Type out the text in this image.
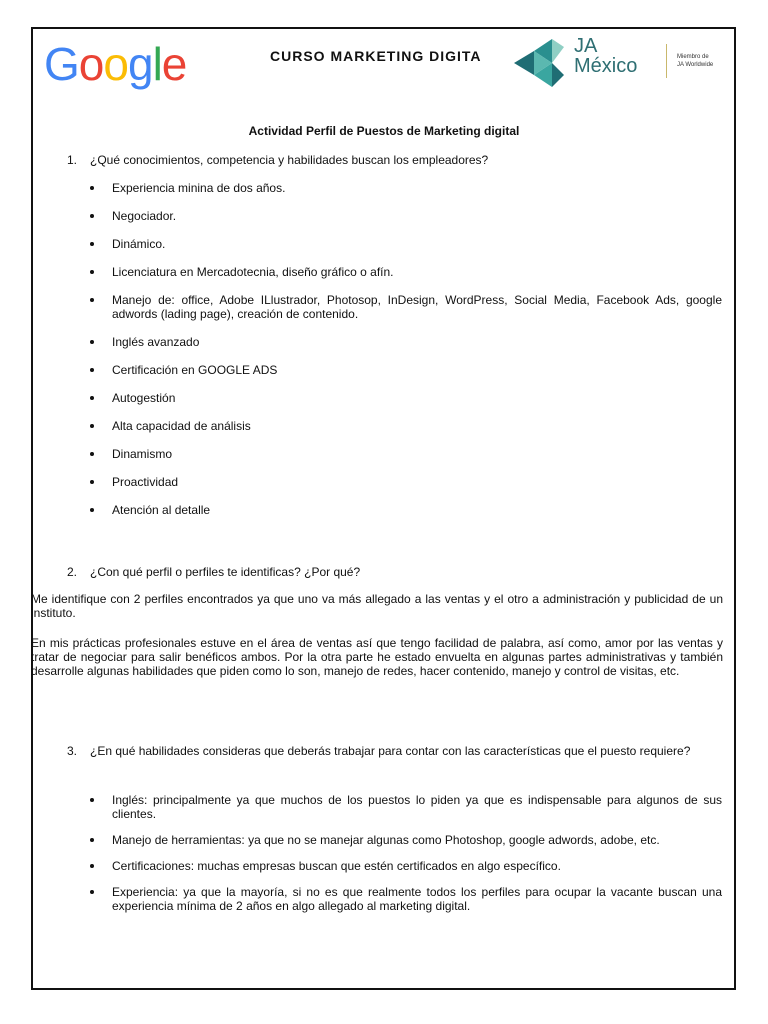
Google	CURSO MARKETING DIGITA	JA
México	Miembro de
JA Worldwide
Actividad Perfil de Puestos de Marketing digital
1. ¿Qué conocimientos, competencia y habilidades buscan los empleadores?
Experiencia minina de dos años.
Negociador.
Dinámico.
Licenciatura en Mercadotecnia, diseño gráfico o afín.
Manejo de: office, Adobe ILlustrador, Photosop, InDesign, WordPress, Social Media, Facebook Ads, google adwords (lading page), creación de contenido.
Inglés avanzado
Certificación en GOOGLE ADS
Autogestión
Alta capacidad de análisis
Dinamismo
Proactividad
Atención al detalle
2. ¿Con qué perfil o perfiles te identificas? ¿Por qué?
Me identifique con 2 perfiles encontrados ya que uno va más allegado a las ventas y el otro a administración y publicidad de un instituto.
En mis prácticas profesionales estuve en el área de ventas así que tengo facilidad de palabra, así como, amor por las ventas y tratar de negociar para salir benéficos ambos. Por la otra parte he estado envuelta en algunas partes administrativas y también desarrolle algunas habilidades que piden como lo son, manejo de redes, hacer contenido, manejo y control de visitas, etc.
3. ¿En qué habilidades consideras que deberás trabajar para contar con las características que el puesto requiere?
Inglés: principalmente ya que muchos de los puestos lo piden ya que es indispensable para algunos de sus clientes.
Manejo de herramientas: ya que no se manejar algunas como Photoshop, google adwords, adobe, etc.
Certificaciones: muchas empresas buscan que estén certificados en algo específico.
Experiencia: ya que la mayoría, si no es que realmente todos los perfiles para ocupar la vacante buscan una experiencia mínima de 2 años en algo allegado al marketing digital.
